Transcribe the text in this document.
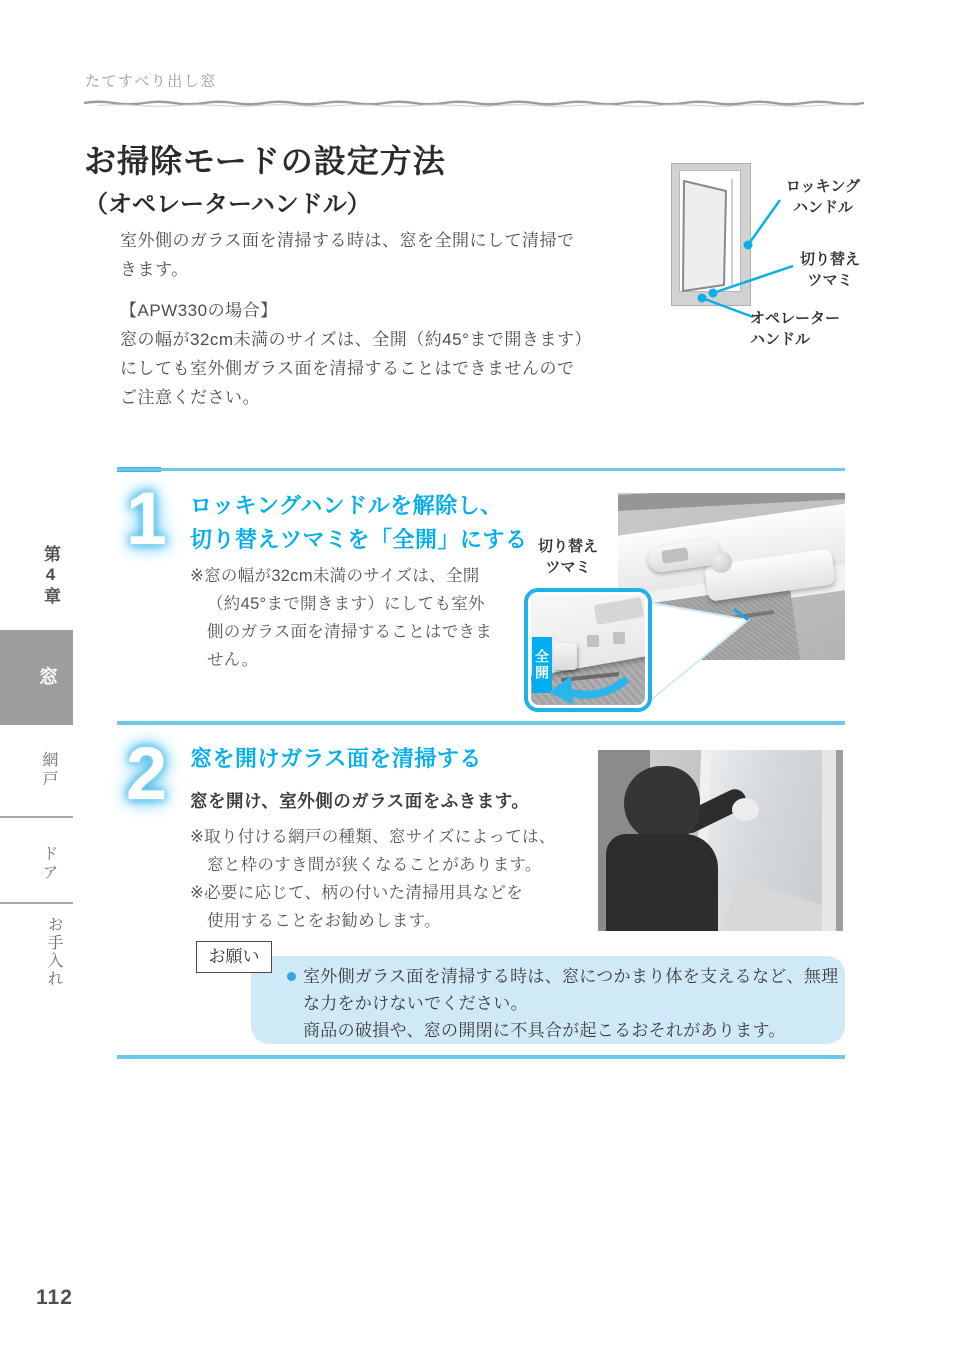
たてすべり出し窓
お掃除モードの設定方法
（オペレーターハンドル）
室外側のガラス面を清掃する時は、窓を全開にして清掃で
きます。
【APW330の場合】
窓の幅が32cm未満のサイズは、全開（約45°まで開きます）
にしても室外側ガラス面を清掃することはできませんので
ご注意ください。
ロッキング
ハンドル
切り替え
ツマミ
オペレーター
ハンドル
1 ロッキングハンドルを解除し、
切り替えツマミを「全開」にする
※窓の幅が32cm未満のサイズは、全開
（約45°まで開きます）にしても室外
側のガラス面を清掃することはできま
せん。
切り替え
ツマミ
全開
2 窓を開けガラス面を清掃する
窓を開け、室外側のガラス面をふきます。
※取り付ける網戸の種類、窓サイズによっては、
窓と枠のすき間が狭くなることがあります。
※必要に応じて、柄の付いた清掃用具などを
使用することをお勧めします。
お願い
室外側ガラス面を清掃する時は、窓につかまり体を支えるなど、無理
な力をかけないでください。
商品の破損や、窓の開閉に不具合が起こるおそれがあります。
第4章
窓
網戸
ドア
お手入れ
112
